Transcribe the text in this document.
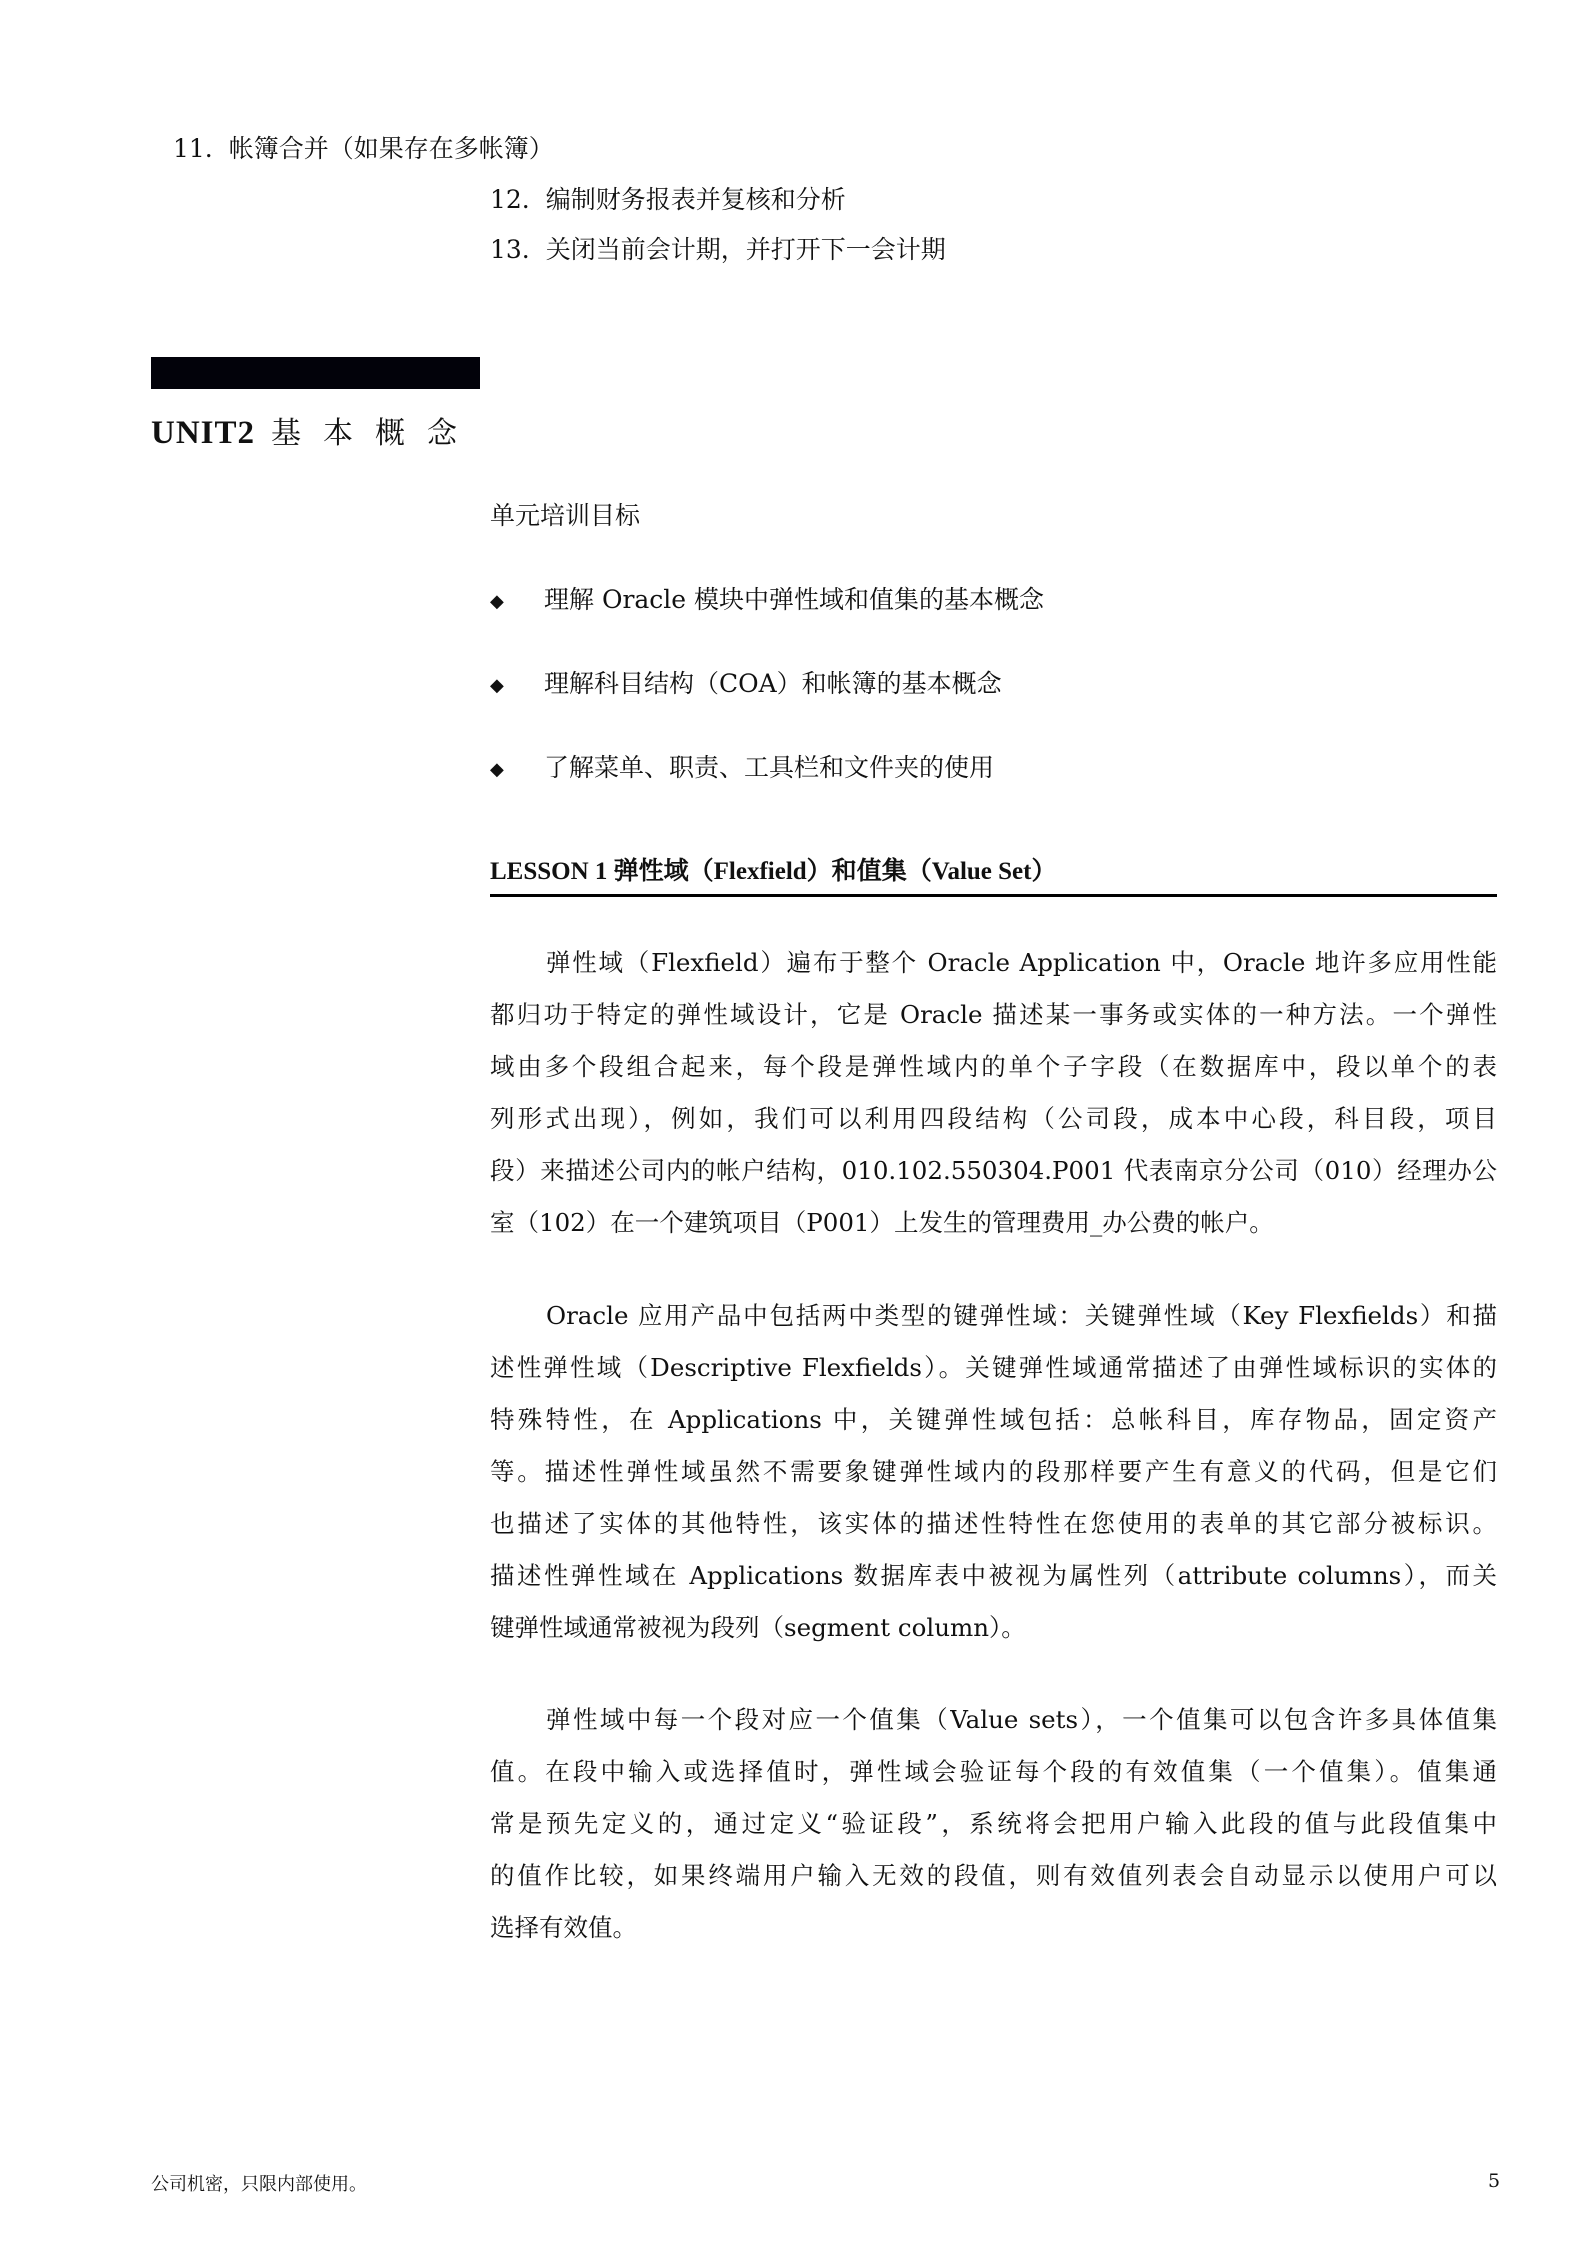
11. 帐簿合并（如果存在多帐簿）
12. 编制财务报表并复核和分析
13. 关闭当前会计期，并打开下一会计期
UNIT2 基本概念
单元培训目标
◆ 理解 Oracle 模块中弹性域和值集的基本概念
◆ 理解科目结构（COA）和帐簿的基本概念
◆ 了解菜单、职责、工具栏和文件夹的使用
LESSON 1 弹性域（Flexfield）和值集（Value Set）
弹性域（Flexfield）遍布于整个 Oracle Application 中，Oracle 地许多应用性能
都归功于特定的弹性域设计，它是 Oracle 描述某一事务或实体的一种方法。一个弹性
域由多个段组合起来，每个段是弹性域内的单个子字段（在数据库中，段以单个的表
列形式出现），例如，我们可以利用四段结构（公司段，成本中心段，科目段，项目
段）来描述公司内的帐户结构，010.102.550304.P001 代表南京分公司（010）经理办公
室（102）在一个建筑项目（P001）上发生的管理费用_办公费的帐户。
Oracle 应用产品中包括两中类型的键弹性域：关键弹性域（Key Flexfields）和描
述性弹性域（Descriptive Flexfields）。关键弹性域通常描述了由弹性域标识的实体的
特殊特性，在 Applications 中，关键弹性域包括：总帐科目，库存物品，固定资产
等。描述性弹性域虽然不需要象键弹性域内的段那样要产生有意义的代码，但是它们
也描述了实体的其他特性，该实体的描述性特性在您使用的表单的其它部分被标识。
描述性弹性域在 Applications 数据库表中被视为属性列（attribute columns），而关
键弹性域通常被视为段列（segment column）。
弹性域中每一个段对应一个值集（Value sets），一个值集可以包含许多具体值集
值。在段中输入或选择值时，弹性域会验证每个段的有效值集（一个值集）。值集通
常是预先定义的，通过定义“验证段”，系统将会把用户输入此段的值与此段值集中
的值作比较，如果终端用户输入无效的段值，则有效值列表会自动显示以使用户可以
选择有效值。
公司机密，只限内部使用。	5
